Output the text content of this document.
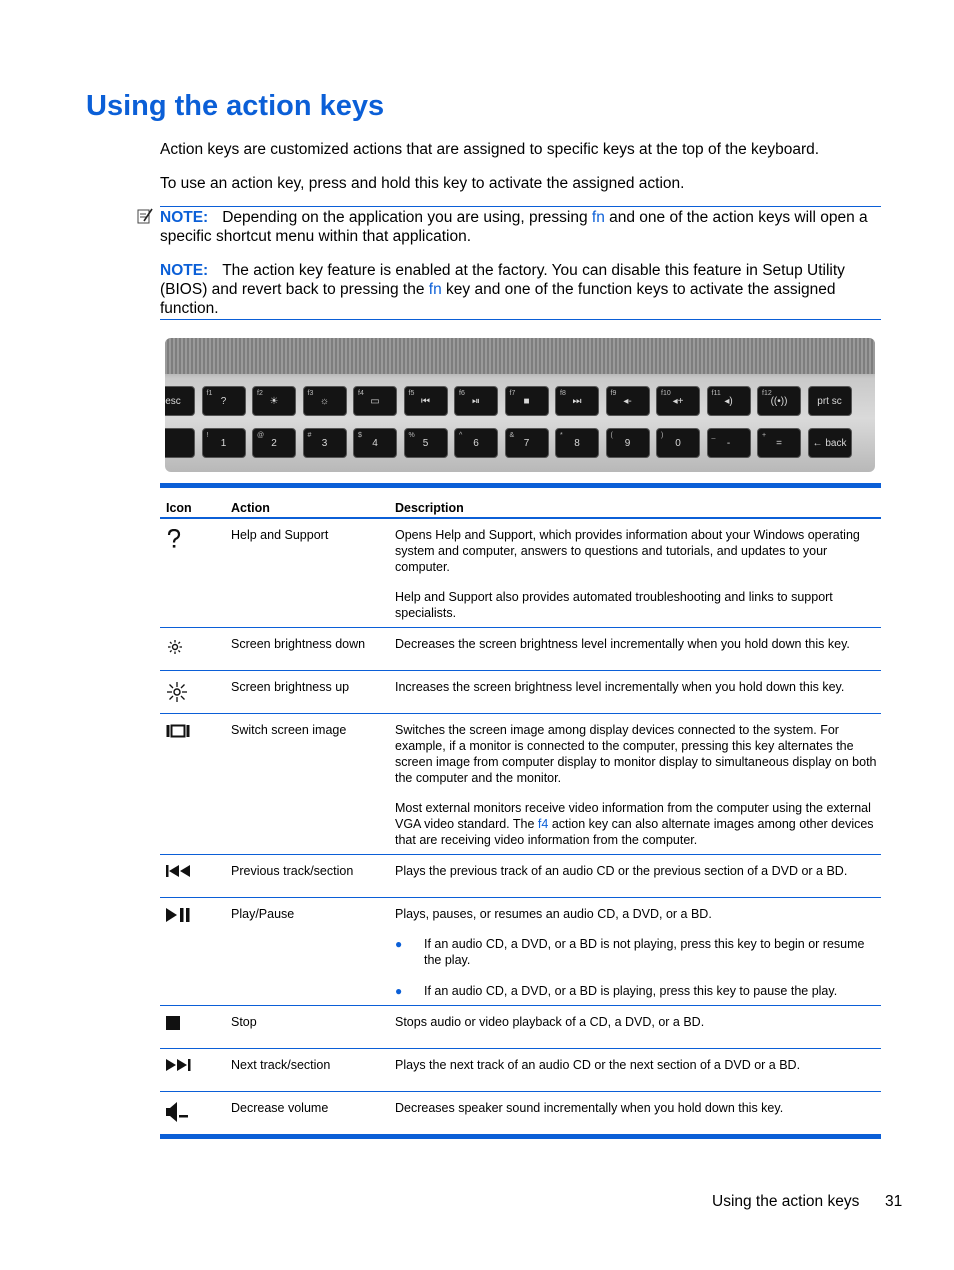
Using the action keys

Action keys are customized actions that are assigned to specific keys at the top of the keyboard.

To use an action key, press and hold this key to activate the assigned action.

NOTE: Depending on the application you are using, pressing fn and one of the action keys will open a specific shortcut menu within that application.

NOTE: The action key feature is enabled at the factory. You can disable this feature in Setup Utility (BIOS) and revert back to pressing the fn key and one of the function keys to activate the assigned function.

esc
f1
?
f2
☀
f3
☼
f4
▭
f5
⏮
f6
⏯
f7
■
f8
⏭
f9
◂-
f10
◂+
f11
◂)
f12
((•))	prt sc
!
1
@
2
#
3
$
4
%
5
^
6
&
7
*
8
(
9
)
0
_
-
+
=	← back
Icon	Action	Description
Help and Support	Opens Help and Support, which provides information about your Windows operating system and computer, answers to questions and tutorials, and updates to your computer.

Help and Support also provides automated troubleshooting and links to support specialists.

Screen brightness down	Decreases the screen brightness level incrementally when you hold down this key.

Screen brightness up	Increases the screen brightness level incrementally when you hold down this key.

Switch screen image	Switches the screen image among display devices connected to the system. For example, if a monitor is connected to the computer, pressing this key alternates the screen image from computer display to monitor display to simultaneous display on both the computer and the monitor.

Most external monitors receive video information from the computer using the external VGA video standard. The f4 action key can also alternate images among other devices that are receiving video information from the computer.

Previous track/section	Plays the previous track of an audio CD or the previous section of a DVD or a BD.

Play/Pause	Plays, pauses, or resumes an audio CD, a DVD, or a BD.

● If an audio CD, a DVD, or a BD is not playing, press this key to begin or resume the play.
● If an audio CD, a DVD, or a BD is playing, press this key to pause the play.
Stop	Stops audio or video playback of a CD, a DVD, or a BD.

Next track/section	Plays the next track of an audio CD or the next section of a DVD or a BD.

Decrease volume	Decreases speaker sound incrementally when you hold down this key.

Using the action keys 31
